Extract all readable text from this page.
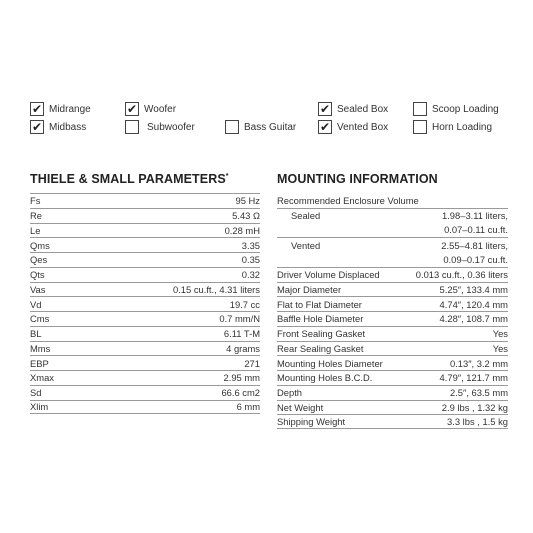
✔ Midrange
✔ Midbass
✔ Woofer
Subwoofer	Bass Guitar
✔ Sealed Box
✔ Vented Box
Scoop Loading
Horn Loading
THIELE & SMALL PARAMETERS*	MOUNTING INFORMATION
Fs	95 Hz
Re	5.43 Ω
Le	0.28 mH
Qms	3.35
Qes	0.35
Qts	0.32
Vas	0.15 cu.ft., 4.31 liters
Vd	19.7 cc
Cms	0.7 mm/N
BL	6.11 T-M
Mms	4 grams
EBP	271
Xmax	2.95 mm
Sd	66.6 cm2
Xlim	6 mm
Recommended Enclosure Volume
Sealed	1.98–3.11 liters,
0.07–0.11 cu.ft.
Vented	2.55–4.81 liters,
0.09–0.17 cu.ft.
Driver Volume Displaced	0.013 cu.ft., 0.36 liters
Major Diameter	5.25″, 133.4 mm
Flat to Flat Diameter	4.74″, 120.4 mm
Baffle Hole Diameter	4.28″, 108.7 mm
Front Sealing Gasket	Yes
Rear Sealing Gasket	Yes
Mounting Holes Diameter	0.13″, 3.2 mm
Mounting Holes B.C.D.	4.79″, 121.7 mm
Depth	2.5″, 63.5 mm
Net Weight	2.9 lbs , 1.32 kg
Shipping Weight	3.3 lbs , 1.5 kg
